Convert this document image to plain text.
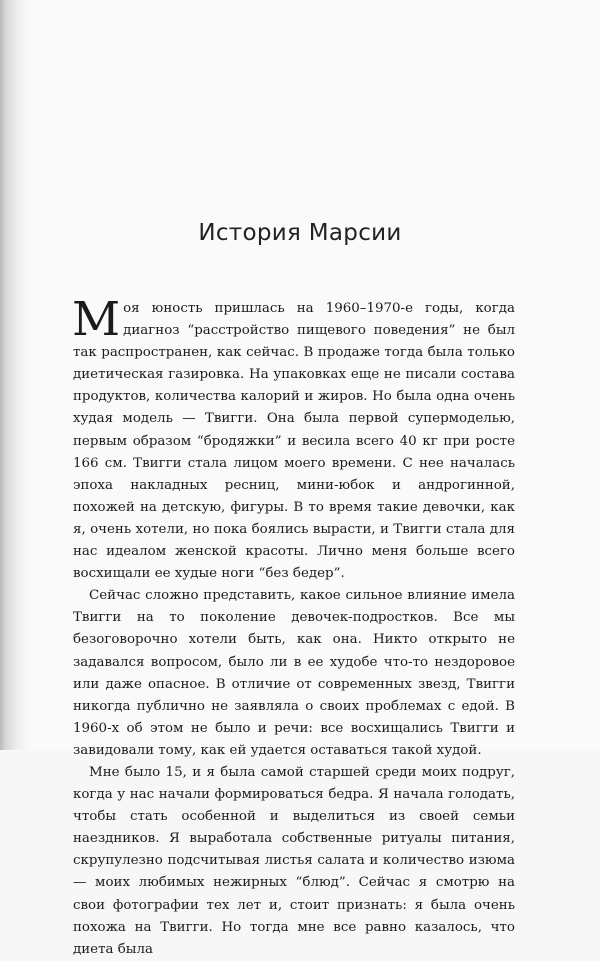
История Марсии

Моя юность пришлась на 1960–1970-е годы, когда диагноз “расстройство пищевого поведения” не был так распространен, как сейчас. В продаже тогда была только диетическая газировка. На упаковках еще не писали состава продуктов, количества калорий и жиров. Но была одна очень худая модель — Твигги. Она была первой супермоделью, первым образом “бродяжки” и весила всего 40 кг при росте 166 см. Твигги стала лицом моего времени. С нее началась эпоха накладных ресниц, мини-юбок и андрогинной, похожей на детскую, фигуры. В то время такие девочки, как я, очень хотели, но пока боялись вырасти, и Твигги стала для нас идеалом женской красоты. Лично меня больше всего восхищали ее худые ноги “без бедер”.

Сейчас сложно представить, какое сильное влияние имела Твигги на то поколение девочек-подростков. Все мы безоговорочно хотели быть, как она. Никто открыто не задавался вопросом, было ли в ее худобе что-то нездоровое или даже опасное. В отличие от современных звезд, Твигги никогда публично не заявляла о своих проблемах с едой. В 1960-х об этом не было и речи: все восхищались Твигги и завидовали тому, как ей удается оставаться такой худой.

Мне было 15, и я была самой старшей среди моих подруг, когда у нас начали формироваться бедра. Я начала голодать, чтобы стать особенной и выделиться из своей семьи наездников. Я выработала собственные ритуалы питания, скрупулезно подсчитывая листья салата и количество изюма — моих любимых нежирных “блюд”. Сейчас я смотрю на свои фотографии тех лет и, стоит признать: я была очень похожа на Твигги. Но тогда мне все равно казалось, что диета была
